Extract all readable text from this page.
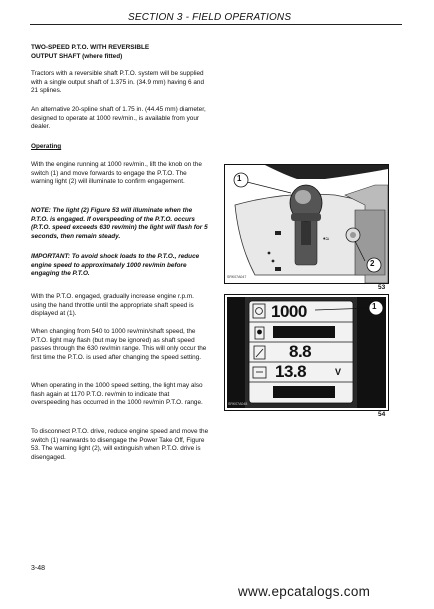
SECTION 3 - FIELD OPERATIONS

TWO-SPEED P.T.O. WITH REVERSIBLE

OUTPUT SHAFT (where fitted)

Tractors with a reversible shaft P.T.O. system will be supplied with a single output shaft of 1.375 in. (34.9 mm) having 6 and 21 splines.
An alternative 20-spline shaft of 1.75 in. (44.45 mm) diameter, designed to operate at 1000 rev/min., is available from your dealer.
Operating
With the engine running at 1000 rev/min., lift the knob on the switch (1) and move forwards to engage the P.T.O. The warning light (2) will illuminate to confirm engagement.
NOTE: The light (2) Figure 53 will illuminate when the P.T.O. is engaged. If overspeeding of the P.T.O. occurs (P.T.O. speed exceeds 630 rev/min) the light will flash for 5 seconds, then remain steady.
IMPORTANT: To avoid shock loads to the P.T.O., reduce engine speed to approximately 1000 rev/min before engaging the P.T.O.
With the P.T.O. engaged, gradually increase engine r.p.m. using the hand throttle until the appropriate shaft speed is displayed at (1).
When changing from 540 to 1000 rev/min/shaft speed, the P.T.O. light may flash (but may be ignored) as shaft speed passes through the 630 rev/min range. This will only occur the first time the P.T.O. is used after changing the speed setting.
When operating in the 1000 speed setting, the light may also flash again at 1170 P.T.O. rev/min to indicate that overspeeding has occurred in the 1000 rev/min P.T.O. range.
To disconnect P.T.O. drive, reduce engine speed and move the switch (1) rearwards to disengage the Power Take Off, Figure 53. The warning light (2), will extinguish when P.T.O. drive is disengaged.
•≈
1
2
SRK07A047
53
1000
8.8
13.8	V
1
SRK07A048
54
3-48
www.epcatalogs.com
